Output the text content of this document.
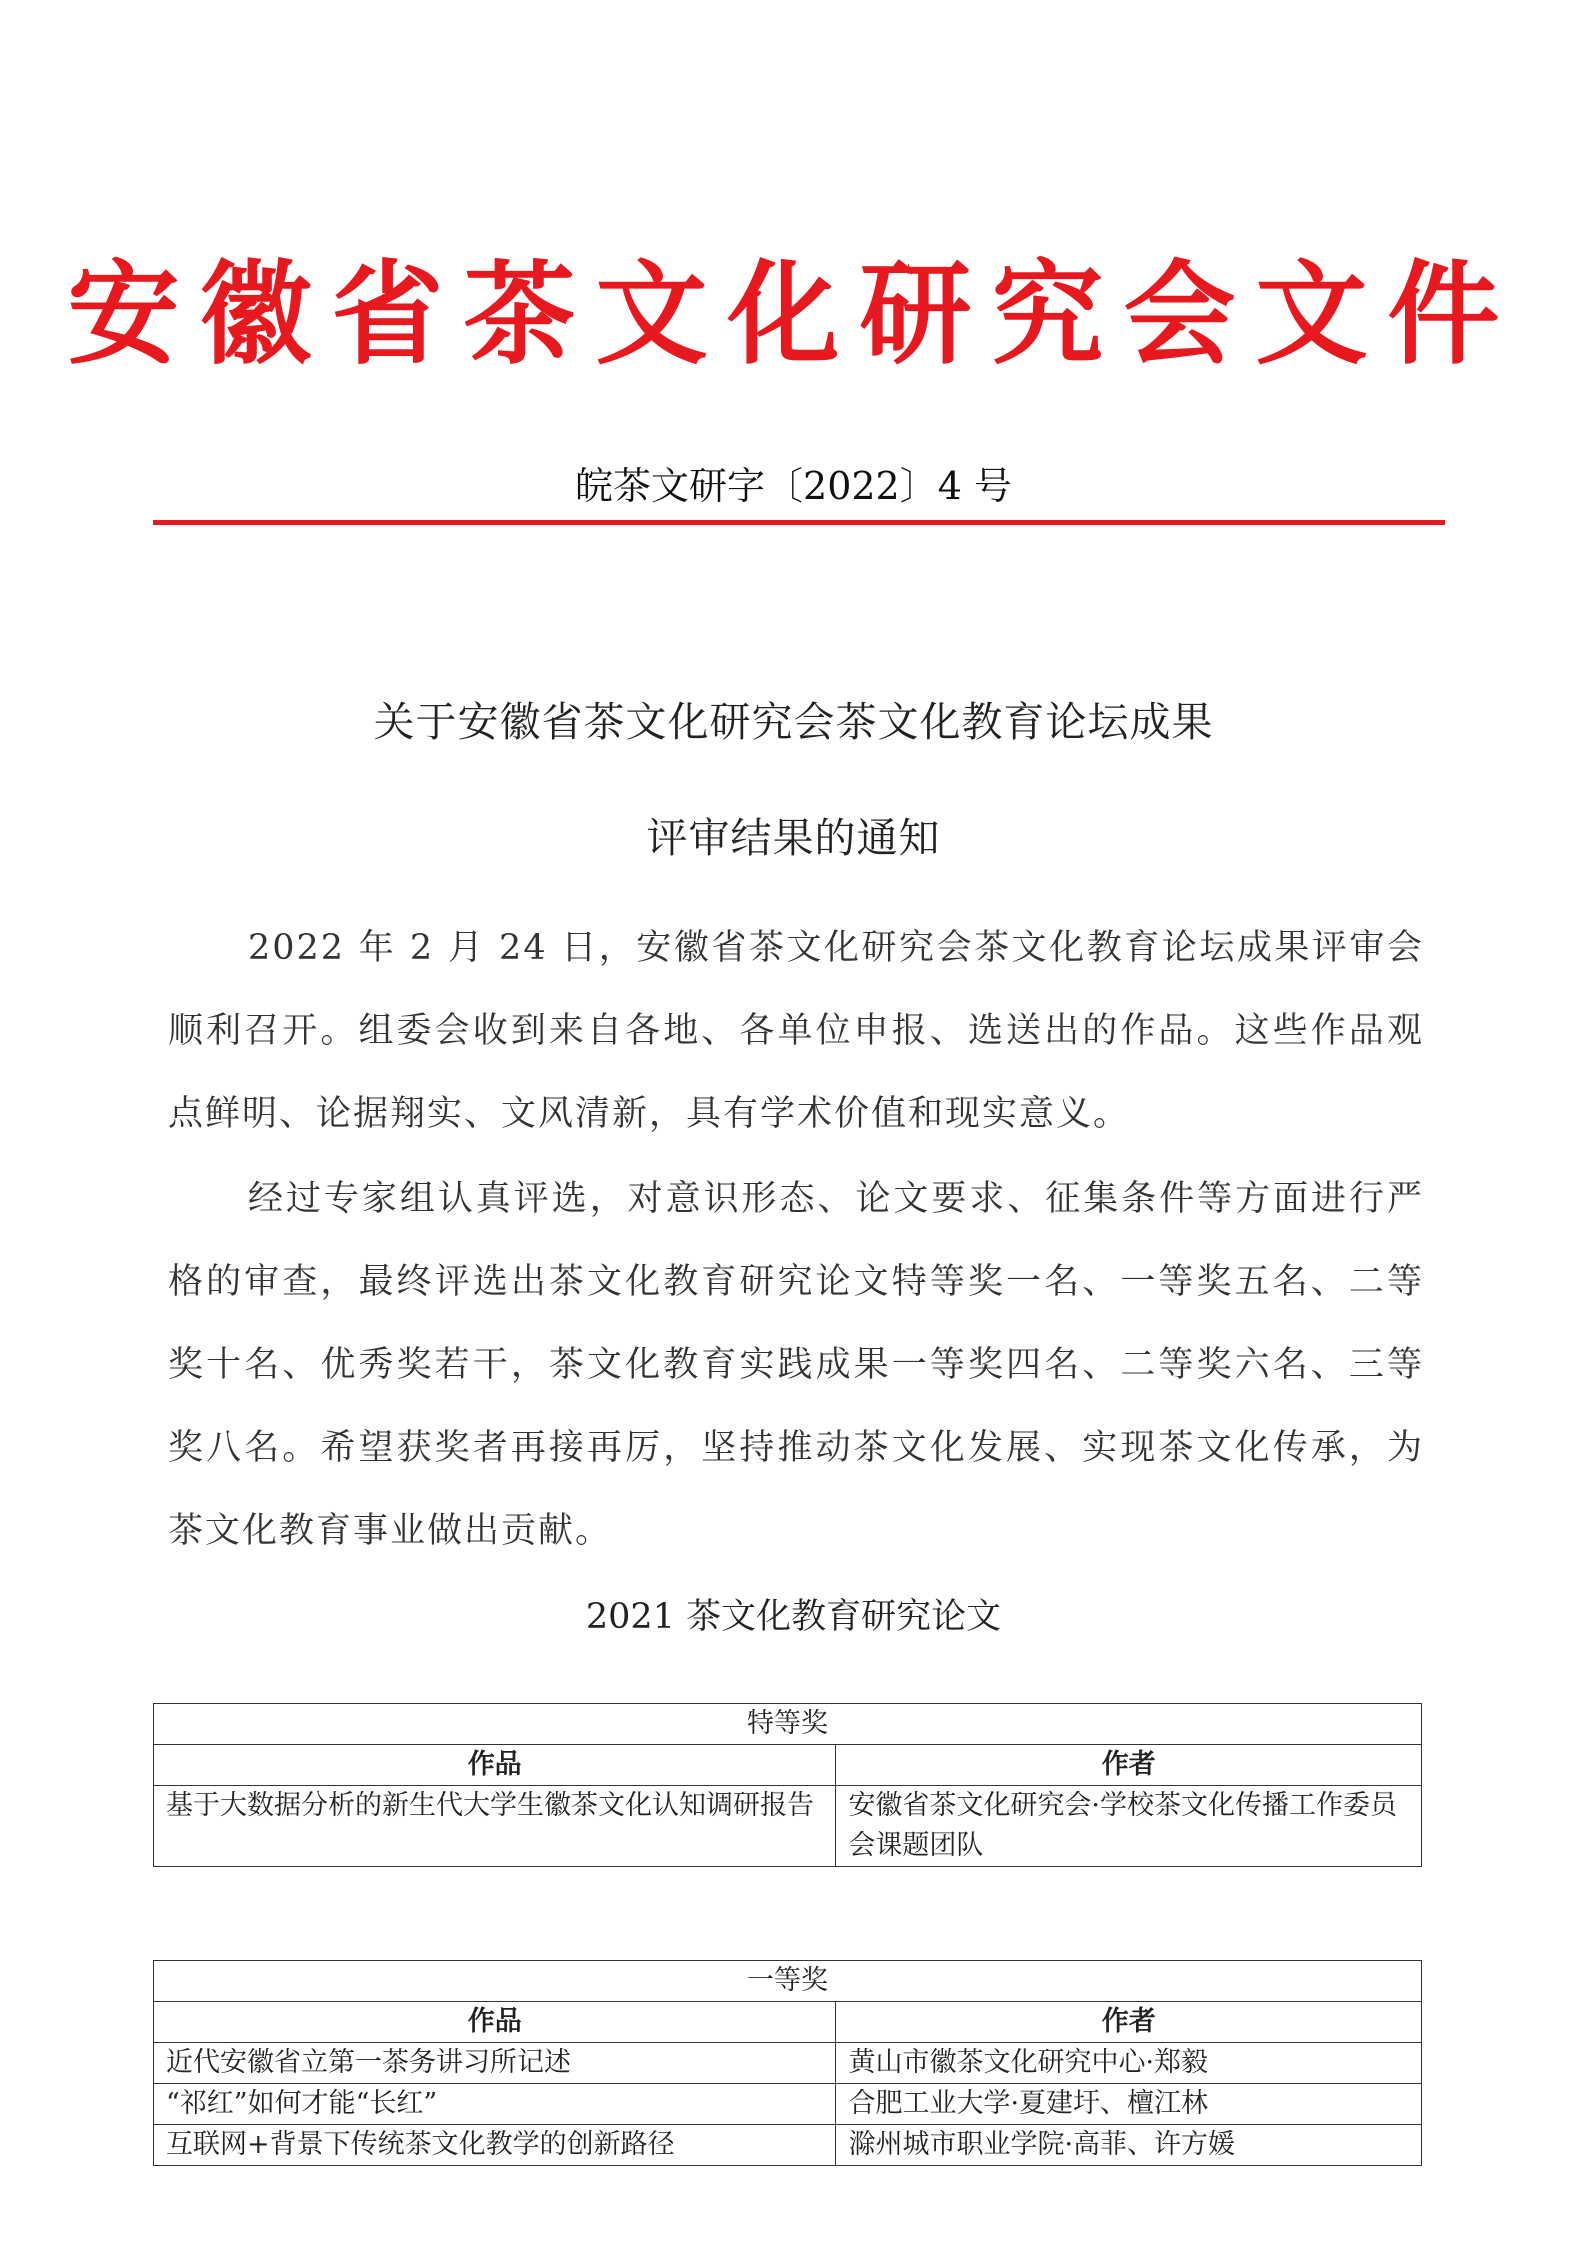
安徽省茶文化研究会文件
皖茶文研字〔2022〕4 号
关于安徽省茶文化研究会茶文化教育论坛成果
评审结果的通知

2022 年 2 月 24 日，安徽省茶文化研究会茶文化教育论坛成果评审会顺利召开。组委会收到来自各地、各单位申报、选送出的作品。这些作品观点鲜明、论据翔实、文风清新，具有学术价值和现实意义。

经过专家组认真评选，对意识形态、论文要求、征集条件等方面进行严格的审查，最终评选出茶文化教育研究论文特等奖一名、一等奖五名、二等奖十名、优秀奖若干，茶文化教育实践成果一等奖四名、二等奖六名、三等奖八名。希望获奖者再接再厉，坚持推动茶文化发展、实现茶文化传承，为茶文化教育事业做出贡献。

2021 茶文化教育研究论文
特等奖	
作品	作者
基于大数据分析的新生代大学生徽茶文化认知调研报告	安徽省茶文化研究会·学校茶文化传播工作委员会课题团队
一等奖	
作品	作者
近代安徽省立第一茶务讲习所记述	黄山市徽茶文化研究中心·郑毅
“祁红”如何才能“长红”	合肥工业大学·夏建圩、檀江林
互联网+背景下传统茶文化教学的创新路径	滁州城市职业学院·高菲、许方媛
